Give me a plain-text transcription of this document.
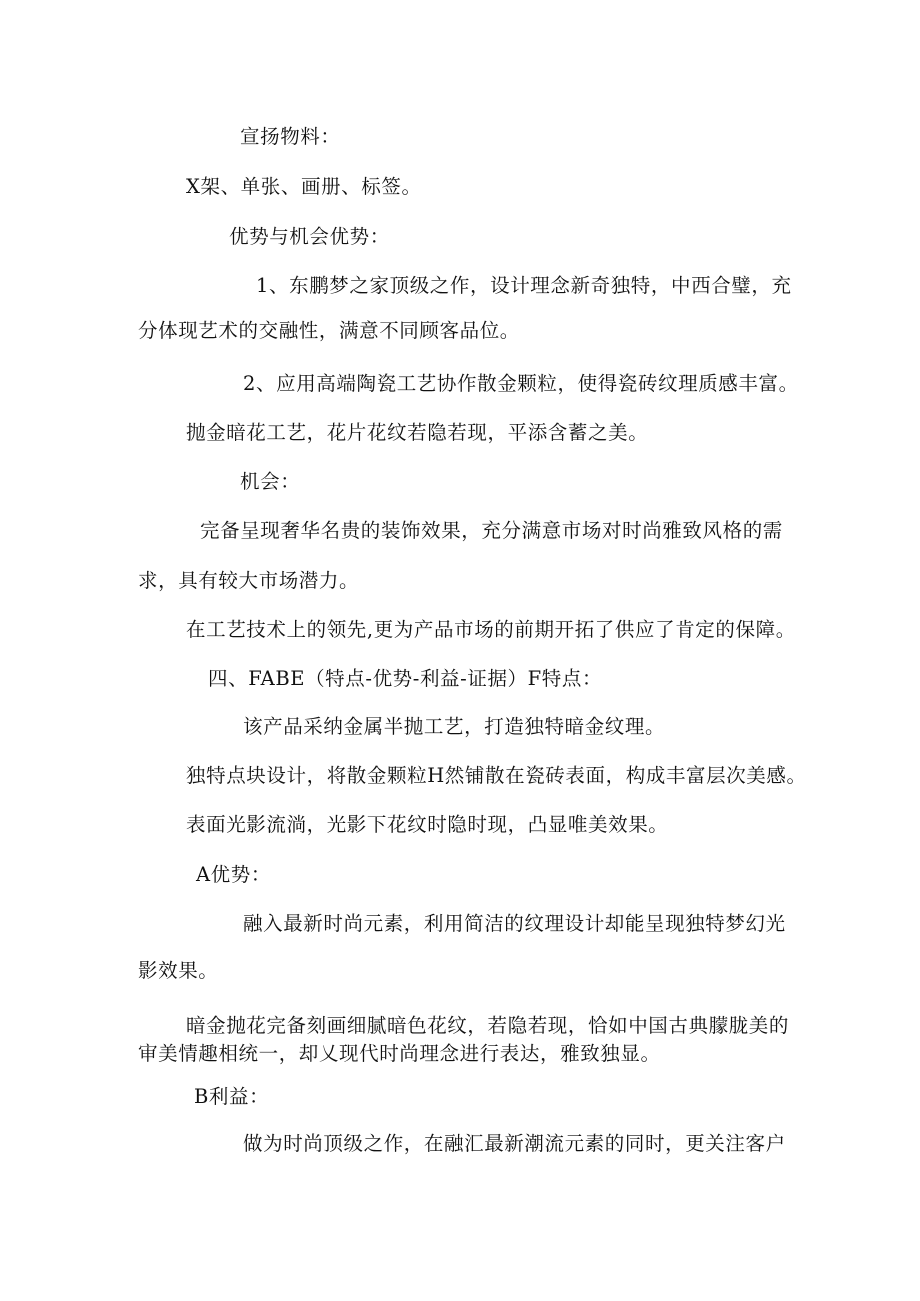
宣扬物料：
X架、单张、画册、标签。
优势与机会优势：
1、东鹏梦之家顶级之作，设计理念新奇独特，中西合璧，充
分体现艺术的交融性，满意不同顾客品位。
2、应用高端陶瓷工艺协作散金颗粒，使得瓷砖纹理质感丰富。
抛金暗花工艺，花片花纹若隐若现，平添含蓄之美。
机会：
完备呈现奢华名贵的装饰效果，充分满意市场对时尚雅致风格的需
求，具有较大市场潜力。
在工艺技术上的领先,更为产品市场的前期开拓了供应了肯定的保障。
四、FABE（特点-优势-利益-证据）F特点：
该产品采纳金属半抛工艺，打造独特暗金纹理。
独特点块设计，将散金颗粒H然铺散在瓷砖表面，构成丰富层次美感。
表面光影流淌，光影下花纹时隐时现，凸显唯美效果。
A优势：
融入最新时尚元素，利用简洁的纹理设计却能呈现独特梦幻光
影效果。
暗金抛花完备刻画细腻暗色花纹，若隐若现，恰如中国古典朦胧美的
审美情趣相统一，却乂现代时尚理念进行表达，雅致独显。
B利益：
做为时尚顶级之作，在融汇最新潮流元素的同时，更关注客户
